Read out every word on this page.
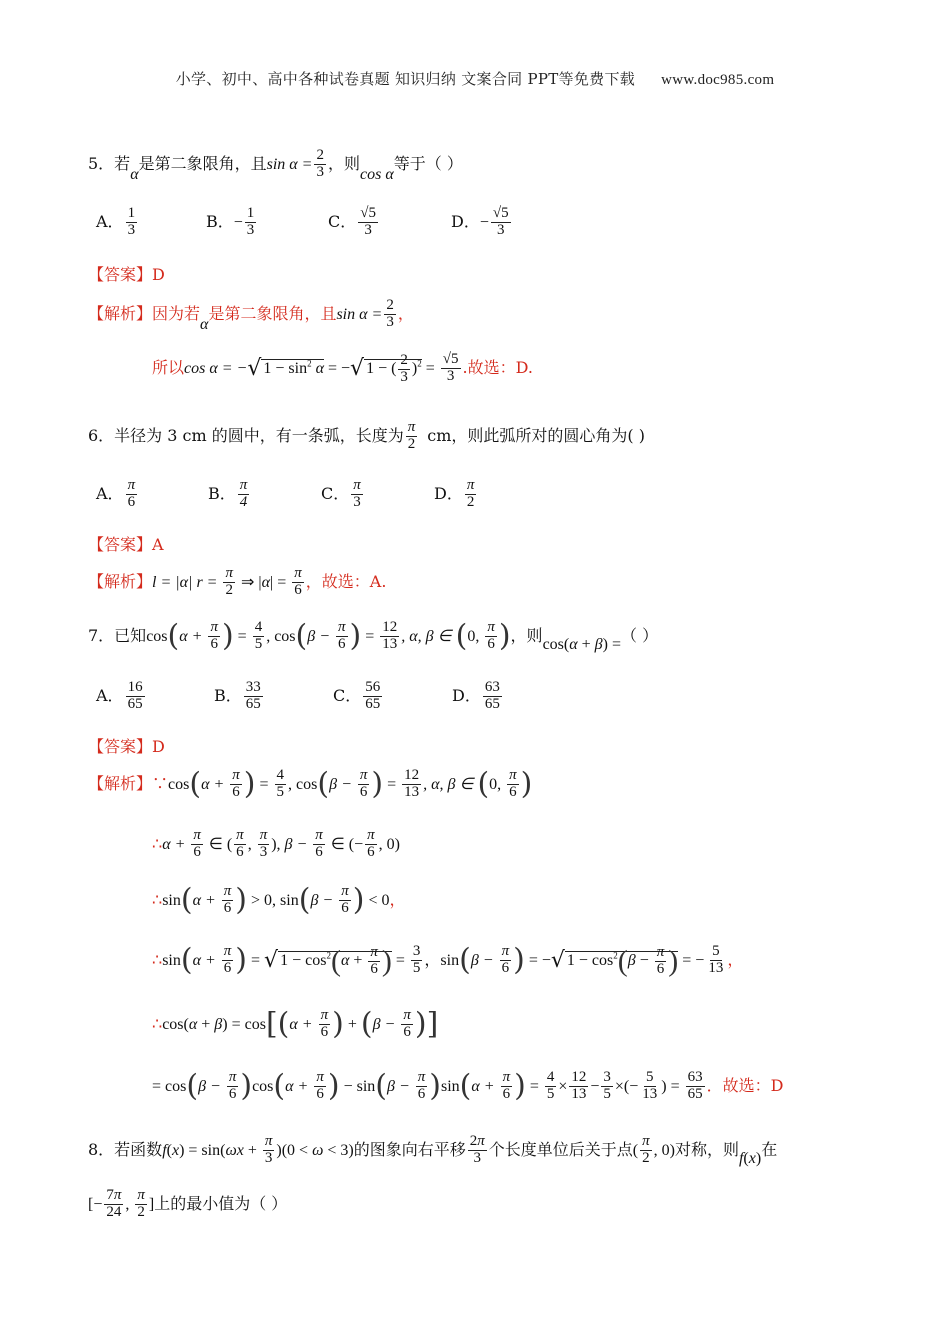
小学、初中、高中各种试卷真题 知识归纳 文案合同 PPT等免费下载 www.doc985.com
5．若α是第二象限角，且$\sin \alpha = \frac{2}{3}$ ，则cos α等于（ ）
A． $\frac{1}{3}$	B．− $\frac{1}{3}$	C． $\frac{√5}{3}$	D．− $\frac{√5}{3}$
【答案】D
【解析】因为若α是第二象限角，且$\sin \alpha = \frac{2}{3}$ ，
所以cos α = −√ $1 - \sin^2 \alpha$ = −√ 1 − ( $\frac{2}{3} )^2 = \frac{√5}{3}$ .故选：D.
6．半径为 3 cm 的圆中，有一条弧，长度为 $\frac{\pi}{2}$ cm，则此弧所对的圆心角为( )
A． $\frac{\pi}{6}$	B． $\frac{\pi}{4}$	C． $\frac{\pi}{3}$	D． $\frac{\pi}{2}$
【答案】A
【解析】l = |α| $r = \frac{\pi}{2}$ ⇒ $|\alpha| = \frac{\pi}{6}$ ，故选：A.
7．已知$\cos(\alpha + \frac{\pi}{6}$ ) = $\frac{4}{5}$ , $\cos(\beta - \frac{\pi}{6}$ ) = $\frac{12}{13}$ , α, β ∈ (0, $\frac{\pi}{6}$ )，则cos(α + β) =（ ）
A． $\frac{16}{65}$	B． $\frac{33}{65}$	C． $\frac{56}{65}$	D． $\frac{63}{65}$
【答案】D
【解析】∵cos(α + $\frac{\pi}{6}$ ) = $\frac{4}{5}$ , $\cos(\beta - \frac{\pi}{6}$ ) = $\frac{12}{13}$ , α, β ∈ (0, $\frac{\pi}{6}$ )
∴α + $\frac{\pi}{6}$ ∈ ( $\frac{\pi}{6}$ , $\frac{\pi}{3}$ ), $\beta - \frac{\pi}{6}$ ∈ (− $\frac{\pi}{6}$ , 0)
∴sin(α + $\frac{\pi}{6}$ ) > 0, $\sin(\beta - \frac{\pi}{6}$ ) < 0，
∴sin(α + $\frac{\pi}{6}$ ) = √ $1 - \cos^2(\alpha + \frac{\pi}{6}$ ) = $\frac{3}{5}$ ，$\sin(\beta - \frac{\pi}{6}$ ) = −√ $1 - \cos^2(\beta - \frac{\pi}{6}$ ) = − $\frac{5}{13}$ ，
∴cos(α + $\beta) = \cos[(\alpha + \frac{\pi}{6}$ ) + ($\beta - \frac{\pi}{6}$ )]
= $\cos(\beta - \frac{\pi}{6} )\cos(\alpha + \frac{\pi}{6}$ ) − $\sin(\beta - \frac{\pi}{6} )\sin(\alpha + \frac{\pi}{6}$ ) = $\frac{4}{5} \times \frac{12}{13} - \frac{3}{5}$ ×(− $\frac{5}{13}$ ) = $\frac{63}{65}$ ．故选：D
8．若函数$f(x) = \sin(\omega x + \frac{\pi}{3} )(0 < \omega < 3)$的图象向右平移 $\frac{2\pi}{3}$ 个长度单位后关于点( $\frac{\pi}{2}$ , 0)对称，则f(x)在
[− $\frac{7\pi}{24}$ , $\frac{\pi}{2}$ ]上的最小值为（ ）
